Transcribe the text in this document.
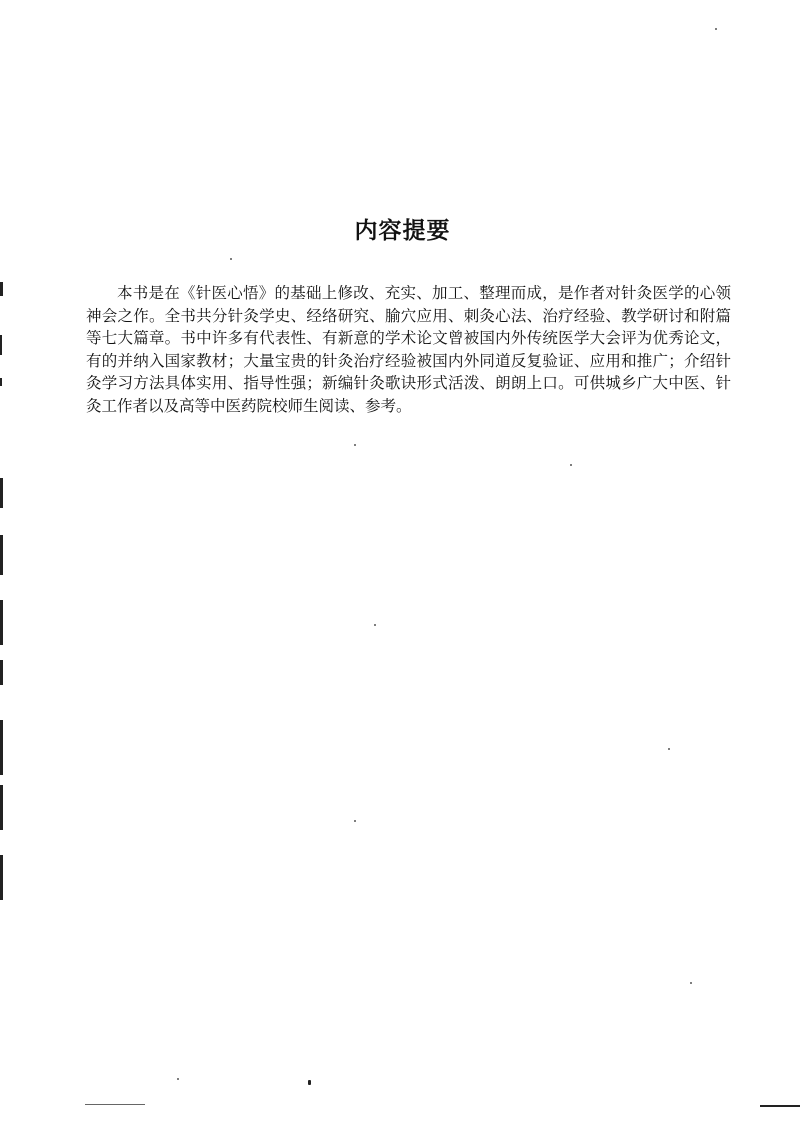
内容提要

本书是在《针医心悟》的基础上修改、充实、加工、整理而成，是作者对针灸医学的心领神会之作。全书共分针灸学史、经络研究、腧穴应用、刺灸心法、治疗经验、教学研讨和附篇等七大篇章。书中许多有代表性、有新意的学术论文曾被国内外传统医学大会评为优秀论文，有的并纳入国家教材；大量宝贵的针灸治疗经验被国内外同道反复验证、应用和推广；介绍针灸学习方法具体实用、指导性强；新编针灸歌诀形式活泼、朗朗上口。可供城乡广大中医、针灸工作者以及高等中医药院校师生阅读、参考。
